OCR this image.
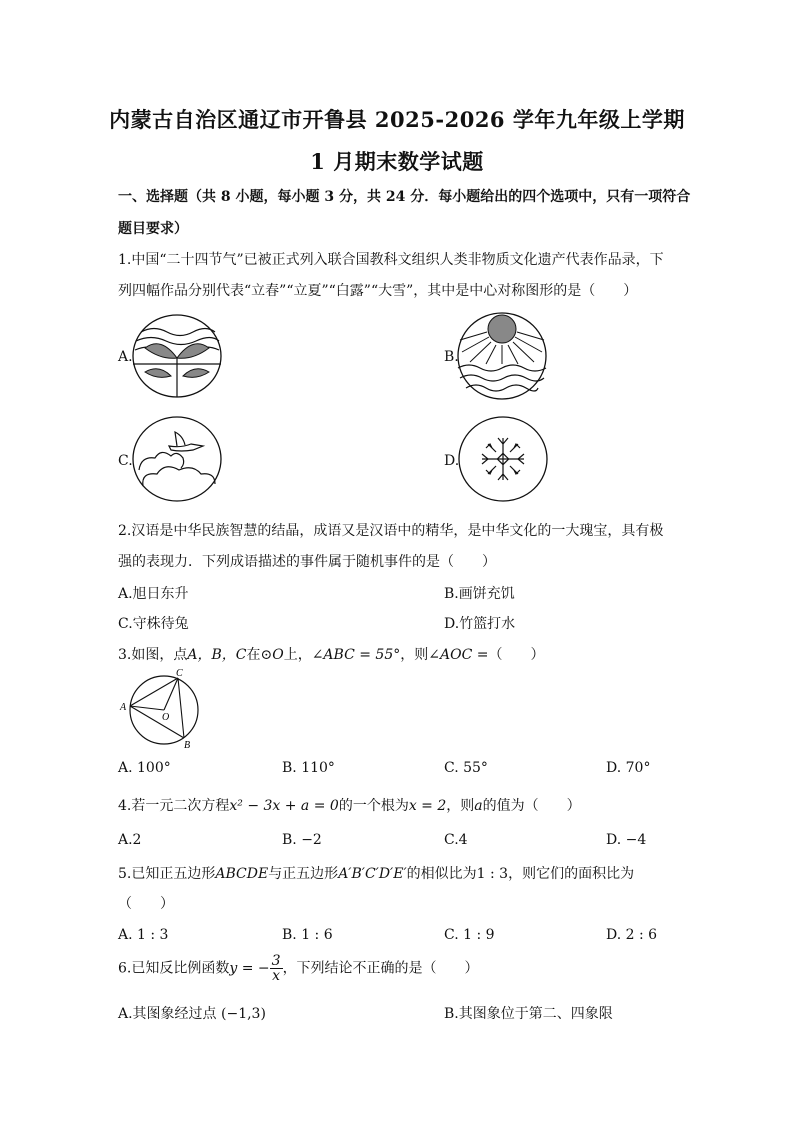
内蒙古自治区通辽市开鲁县 2025-2026 学年九年级上学期
1 月期末数学试题
一、选择题（共 8 小题，每小题 3 分，共 24 分．每小题给出的四个选项中，只有一项符合
题目要求）
1.中国“二十四节气”已被正式列入联合国教科文组织人类非物质文化遗产代表作品录，下
列四幅作品分别代表“立春”“立夏”“白露”“大雪”，其中是中心对称图形的是（　　）
A.	B.
C.	D.
2.汉语是中华民族智慧的结晶，成语又是汉语中的精华，是中华文化的一大瑰宝，具有极
强的表现力．下列成语描述的事件属于随机事件的是（　　）
A.旭日东升	B.画饼充饥
C.守株待兔	D.竹篮打水
3.如图，点A，B，C在⊙O上，∠ABC = 55°，则∠AOC =（　　）
A
C
B
O
A. 100°	B. 110°	C. 55°	D. 70°
4.若一元二次方程x² − 3x + a = 0的一个根为x = 2，则a的值为（　　）
A.2	B. −2	C.4	D. −4
5.已知正五边形ABCDE与正五边形A′B′C′D′E′的相似比为1 : 3，则它们的面积比为
（　　）
A. 1 : 3	B. 1 : 6	C. 1 : 9	D. 2 : 6
6.已知反比例函数y = − $\frac{3}{x}$ ，下列结论不正确的是（　　）
A.其图象经过点 (−1,3)	B.其图象位于第二、四象限
